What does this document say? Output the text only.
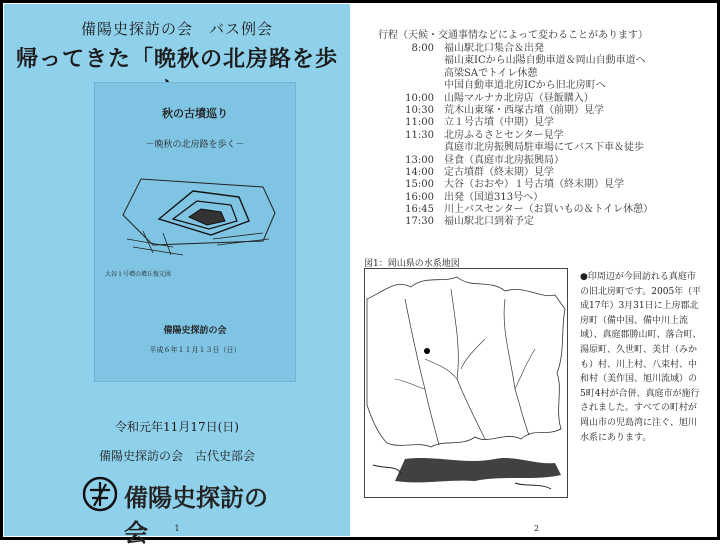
備陽史探訪の会　バス例会
帰ってきた「晩秋の北房路を歩
秋の古墳巡り
－晩秋の北房路を歩く－
大谷１号墳の墳丘復元図
備陽史探訪の会
平成６年１１月１３日（日）
令和元年11月17日(日)
備陽史探訪の会　古代史部会
備陽史探訪の会	1
行程（天候・交通事情などによって変わることがあります）
8:00	福山駅北口集合＆出発
福山東ICから山陽自動車道＆岡山自動車道へ
高梁SAでトイレ休憩
中国自動車道北房ICから旧北房町へ
10:00	山陽マルナカ北房店（昼飯購入）
10:30	荒木山東塚・西塚古墳（前期）見学
11:00	立１号古墳（中期）見学
11:30	北房ふるさとセンター見学
真庭市北房振興局駐車場にてバス下車＆徒歩
13:00	昼食（真庭市北房振興局）
14:00	定古墳群（終末期）見学
15:00	大谷（おおや）１号古墳（終末期）見学
16:00	出発（国道313号へ）
16:45	川上バスセンター（お買いもの＆トイレ休憩）
17:30	福山駅北口到着予定
図1：岡山県の水系地図
●印周辺が今回訪れる真庭市の旧北房町です。2005年（平成17年）3月31日に上房郡北房町（備中国、備中川上流域）、真庭郡勝山町、落合町、湯原町、久世町、美甘（みかも）村、川上村、八束村、中和村（美作国、旭川流域）の5町4村が合併、真庭市が施行されました。すべての町村が岡山市の児島湾に注ぐ、旭川水系にあります。
2
